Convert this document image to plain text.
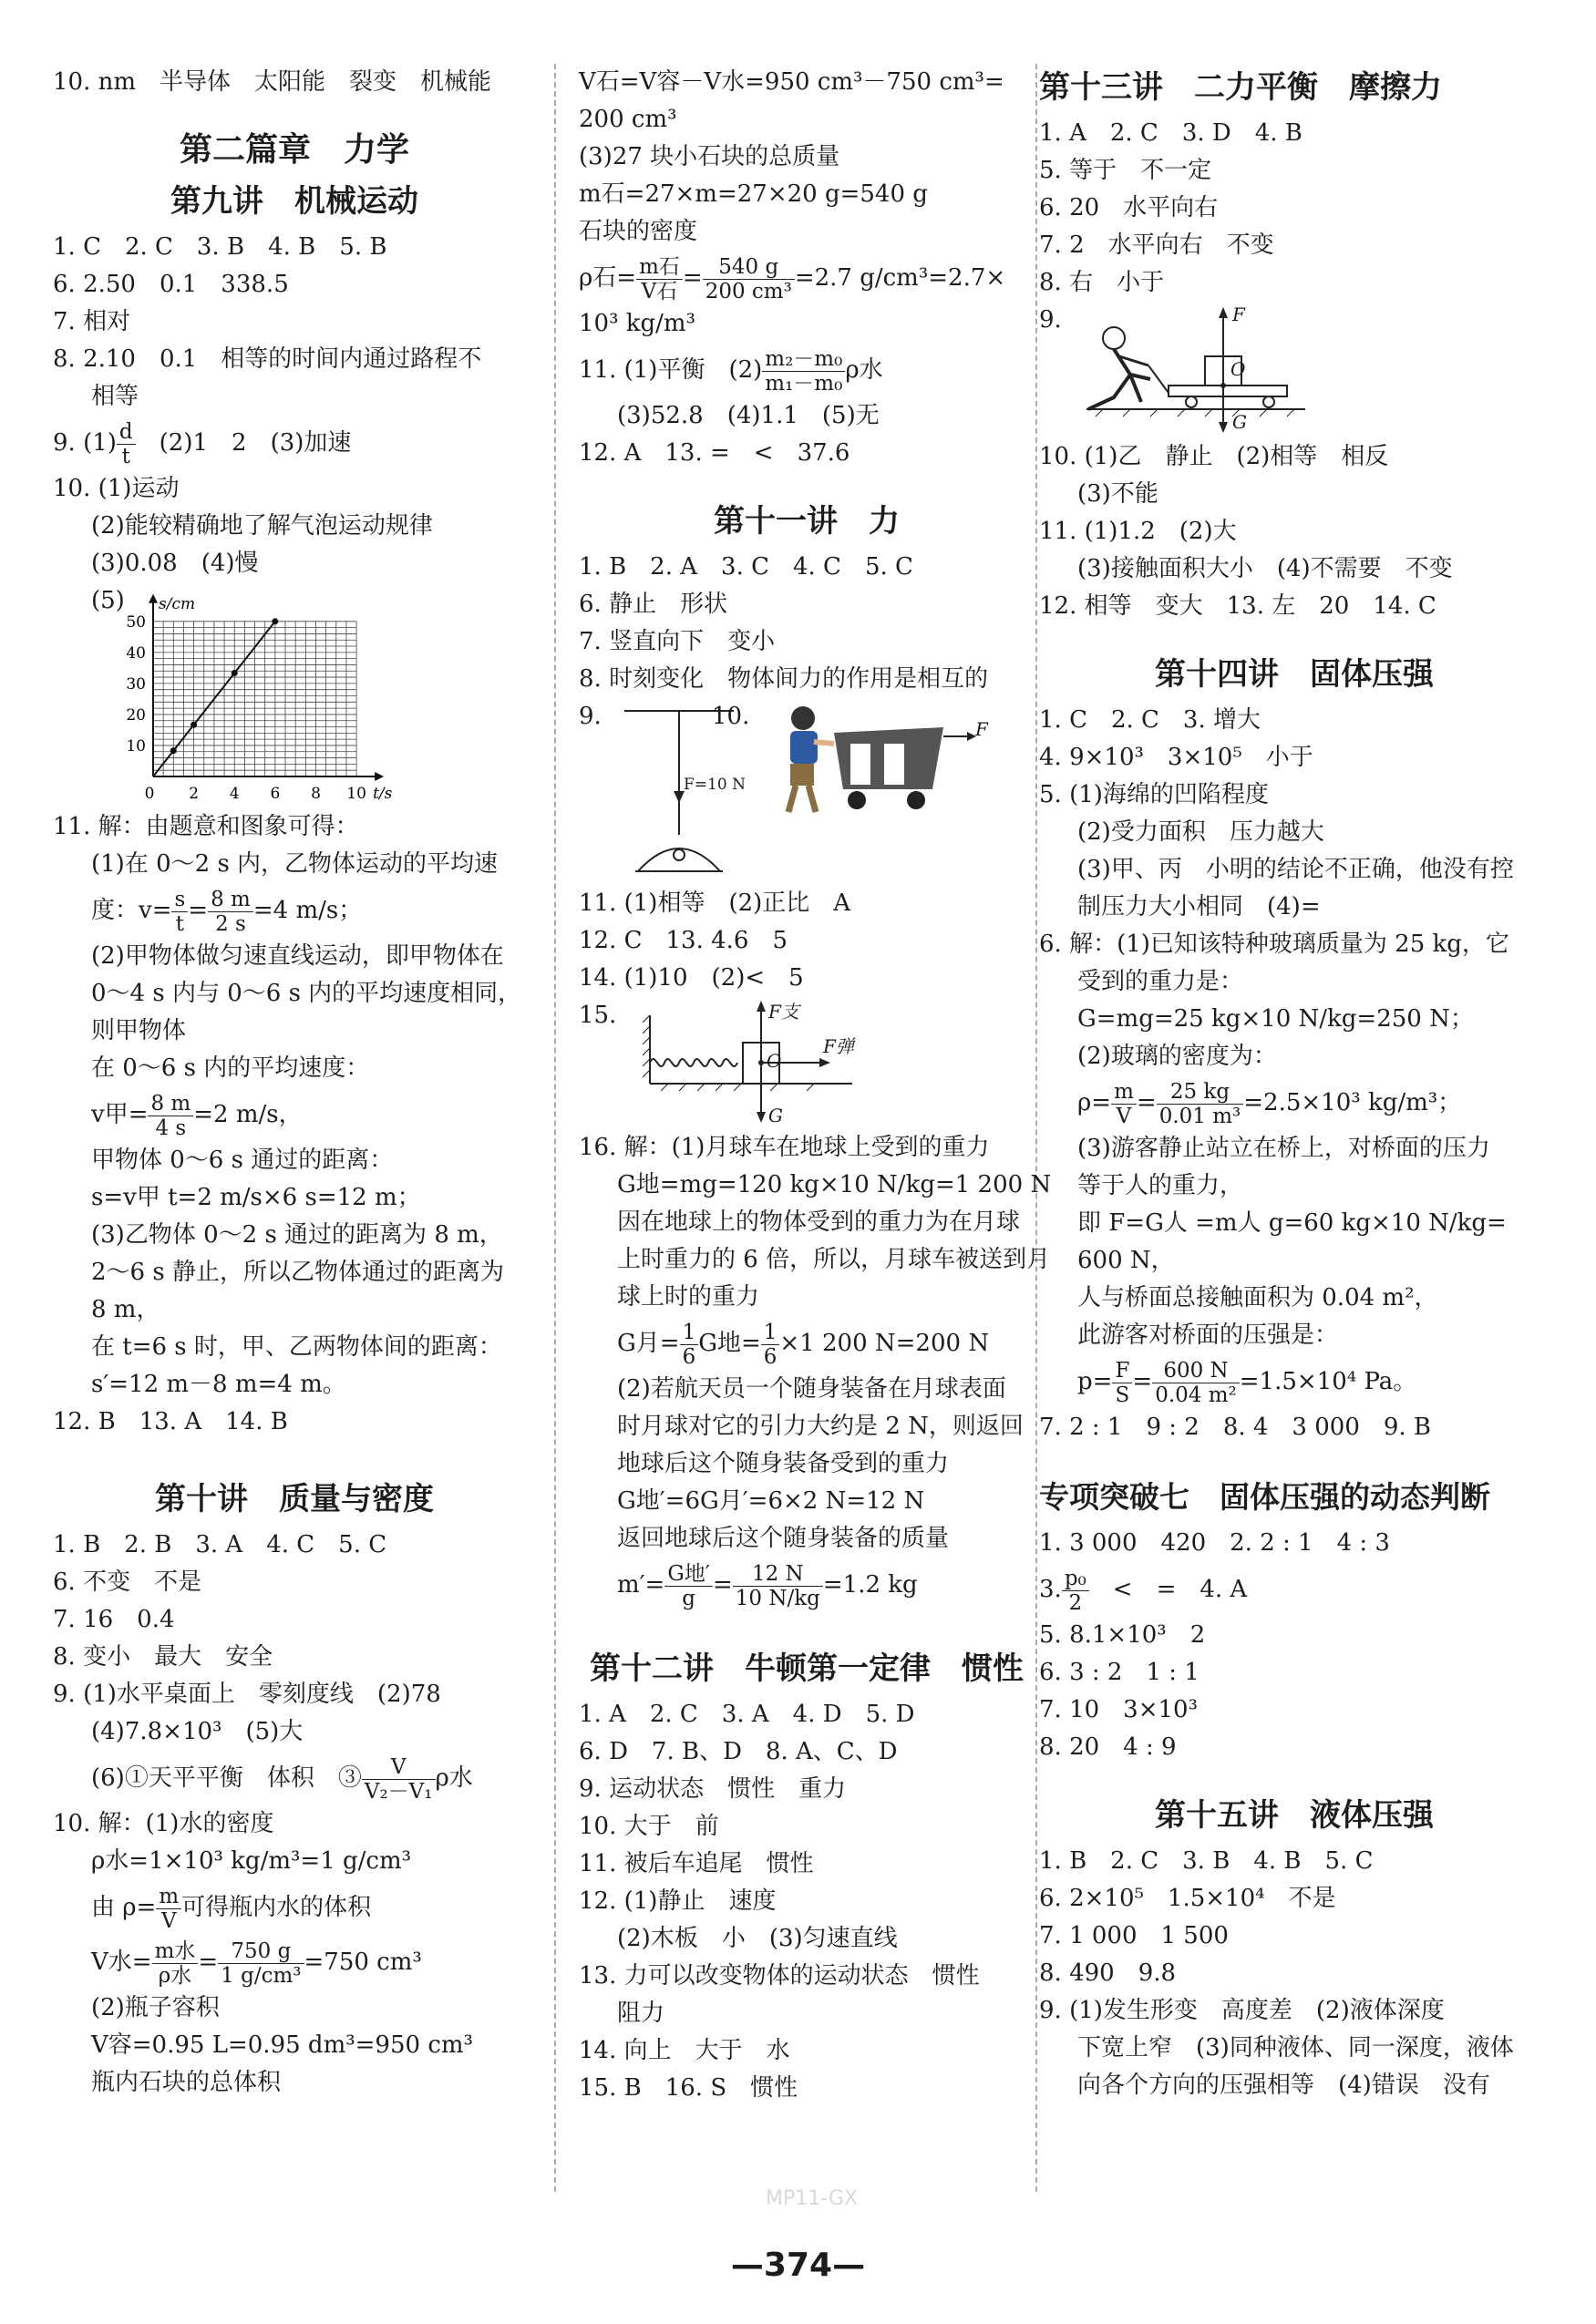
10. nm　半导体　太阳能　裂变　机械能
第二篇章　力学
第九讲　机械运动
1. C　2. C　3. B　4. B　5. B
6. 2.50　0.1　338.5
7. 相对
8. 2.10　0.1　相等的时间内通过路程不
相等
9. $(1) \frac{d}{t}$
　 (2)1　2　(3)加速
10. (1)运动
(2)能较精确地了解气泡运动规律
(3)0.08　(4)慢
(5)
50
40
30
20
10
0 2 4 6 8 10
s/cm
t/s
11. 解：由题意和图象可得：
(1)在 0～2 s 内，乙物体运动的平均速
度：$v= \frac{s}{t} = \frac{8 m}{2 s} =4$ m/s；
(2)甲物体做匀速直线运动，即甲物体在
0～4 s 内与 0～6 s 内的平均速度相同，
则甲物体
在 0～6 s 内的平均速度：
v甲= $\frac{8 m}{4 s} =2$ m/s，
甲物体 0～6 s 通过的距离：
s=v甲 t=2 m/s×6 s=12 m；
(3)乙物体 0～2 s 通过的距离为 8 m，
2～6 s 静止，所以乙物体通过的距离为
8 m，
在 t=6 s 时，甲、乙两物体间的距离：
s′=12 m－8 m=4 m。
12. B　13. A　14. B
第十讲　质量与密度
1. B　2. B　3. A　4. C　5. C
6. 不变　不是
7. 16　0.4
8. 变小　最大　安全
9. (1)水平桌面上　零刻度线　(2)78
(4)7.8×10³　(5)大
(6)①天平平衡　体积　③ $\frac{V}{\text{V₂－V₁}}$ ρ水
10. 解：(1)水的密度
ρ水=1×10³ kg/m³=1 g/cm³
由 $\rho= \frac{m}{V}$ 可得瓶内水的体积
V水= $\frac{\text{m水}}{\text{ρ水}} = \frac{750 g}{\text{1 g/cm³}} =750$ cm³
(2)瓶子容积
V容=0.95 L=0.95 dm³=950 cm³
瓶内石块的总体积
V石=V容－V水=950 cm³－750 cm³=
200 cm³
(3)27 块小石块的总质量
m石=27×m=27×20 g=540 g
石块的密度
ρ石= $\frac{\text{m石}}{\text{V石}} = \frac{540 g}{\text{200 cm³}} =2.7$ g/cm³=2.7×
10³ kg/m³
11. (1)平衡　$(2) \frac{\text{m₂－m₀}}{\text{m₁－m₀}}$ ρ水
(3)52.8　(4)1.1　(5)无
12. A　13. =　<　37.6
第十一讲　力
1. B　2. A　3. C　4. C　5. C
6. 静止　形状
7. 竖直向下　变小
8. 时刻变化　物体间力的作用是相互的
9.
F=10 N
10.	F
11. (1)相等　(2)正比　A
12. C　13. 4.6　5
14. (1)10　(2)<　5
15.	F支
F弹
O
G
16. 解：(1)月球车在地球上受到的重力
G地=mg=120 kg×10 N/kg=1 200 N
因在地球上的物体受到的重力为在月球
上时重力的 6 倍，所以，月球车被送到月
球上时的重力
G月= $\frac{1}{6}$ G地= $\frac{1}{6} \times 1$ 200 N=200 N
(2)若航天员一个随身装备在月球表面
时月球对它的引力大约是 2 N，则返回
地球后这个随身装备受到的重力
G地′=6G月′=6×2 N=12 N
返回地球后这个随身装备的质量
$m'= \frac{\text{G地′}}{g} = \frac{12 N}{10 N/kg} =1.2$ kg
第十二讲　牛顿第一定律　惯性
1. A　2. C　3. A　4. D　5. D
6. D　7. B、D　8. A、C、D
9. 运动状态　惯性　重力
10. 大于　前
11. 被后车追尾　惯性
12. (1)静止　速度
(2)木板　小　(3)匀速直线
13. 力可以改变物体的运动状态　惯性
阻力
14. 向上　大于　水
15. B　16. S　惯性
第十三讲　二力平衡　摩擦力
1. A　2. C　3. D　4. B
5. 等于　不一定
6. 20　水平向右
7. 2　水平向右　不变
8. 右　小于
9.	F
O
G
10. (1)乙　静止　(2)相等　相反
(3)不能
11. (1)1.2　(2)大
(3)接触面积大小　(4)不需要　不变
12. 相等　变大　13. 左　20　14. C
第十四讲　固体压强
1. C　2. C　3. 增大
4. 9×10³　3×10⁵　小于
5. (1)海绵的凹陷程度
(2)受力面积　压力越大
(3)甲、丙　小明的结论不正确，他没有控
制压力大小相同　(4)=
6. 解：(1)已知该特种玻璃质量为 25 kg，它
受到的重力是：
G=mg=25 kg×10 N/kg=250 N；
(2)玻璃的密度为：
$\rho= \frac{m}{V} = \frac{25 kg}{\text{0.01 m³}} =2.5\times 10^3$ kg/m³；
(3)游客静止站立在桥上，对桥面的压力
等于人的重力，
即 F=G人 =m人 g=60 kg×10 N/kg=
600 N，
人与桥面总接触面积为 0.04 m²，
此游客对桥面的压强是：
$p= \frac{F}{S} = \frac{600 N}{\text{0.04 m²}} =1.5\times 10^4$ Pa。
7. 2 : 1　9 : 2　8. 4　3 000　9. B
专项突破七　固体压强的动态判断
1. 3 000　420　2. 2 : 1　4 : 3
3. $\frac{\text{p₀}}{2}$
　 <　=　4. A
5. 8.1×10³　2
6. 3 : 2　1 : 1
7. 10　3×10³
8. 20　4 : 9
第十五讲　液体压强
1. B　2. C　3. B　4. B　5. C
6. 2×10⁵　1.5×10⁴　不是
7. 1 000　1 500
8. 490　9.8
9. (1)发生形变　高度差　(2)液体深度
下宽上窄　(3)同种液体、同一深度，液体
向各个方向的压强相等　(4)错误　没有
MP11-GX
—374—
